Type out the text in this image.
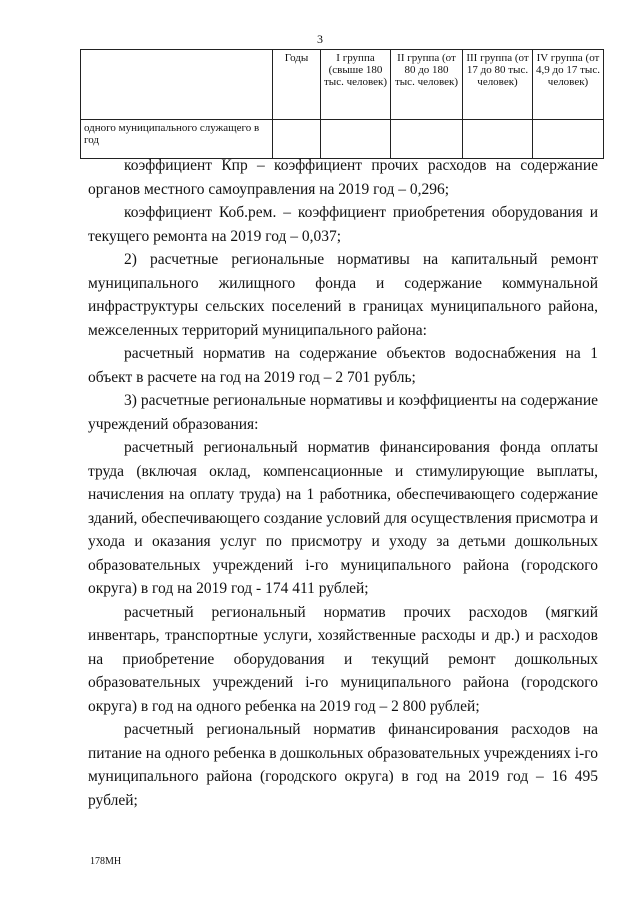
3
	Годы	I группа (свыше 180 тыс. человек)	II группа (от 80 до 180 тыс. человек)	III группа (от 17 до 80 тыс. человек)	IV группа (от 4,9 до 17 тыс. человек)
одного муниципального служащего в год					

коэффициент Кпр – коэффициент прочих расходов на содержание органов местного самоуправления на 2019 год – 0,296;

коэффициент Коб.рем. – коэффициент приобретения оборудования и текущего ремонта на 2019 год – 0,037;

2) расчетные региональные нормативы на капитальный ремонт муниципального жилищного фонда и содержание коммунальной инфраструктуры сельских поселений в границах муниципального района, межселенных территорий муниципального района:

расчетный норматив на содержание объектов водоснабжения на 1 объект в расчете на год на 2019 год – 2 701 рубль;

3) расчетные региональные нормативы и коэффициенты на содержание учреждений образования:

расчетный региональный норматив финансирования фонда оплаты труда (включая оклад, компенсационные и стимулирующие выплаты, начисления на оплату труда) на 1 работника, обеспечивающего содержание зданий, обеспечивающего создание условий для осуществления присмотра и ухода и оказания услуг по присмотру и уходу за детьми дошкольных образовательных учреждений i-го муниципального района (городского округа) в год на 2019 год - 174 411 рублей;

расчетный региональный норматив прочих расходов (мягкий инвентарь, транспортные услуги, хозяйственные расходы и др.) и расходов на приобретение оборудования и текущий ремонт дошкольных образовательных учреждений i-го муниципального района (городского округа) в год на одного ребенка на 2019 год – 2 800 рублей;

расчетный региональный норматив финансирования расходов на питание на одного ребенка в дошкольных образовательных учреждениях i-го муниципального района (городского округа) в год на 2019 год – 16 495 рублей;

178МН
